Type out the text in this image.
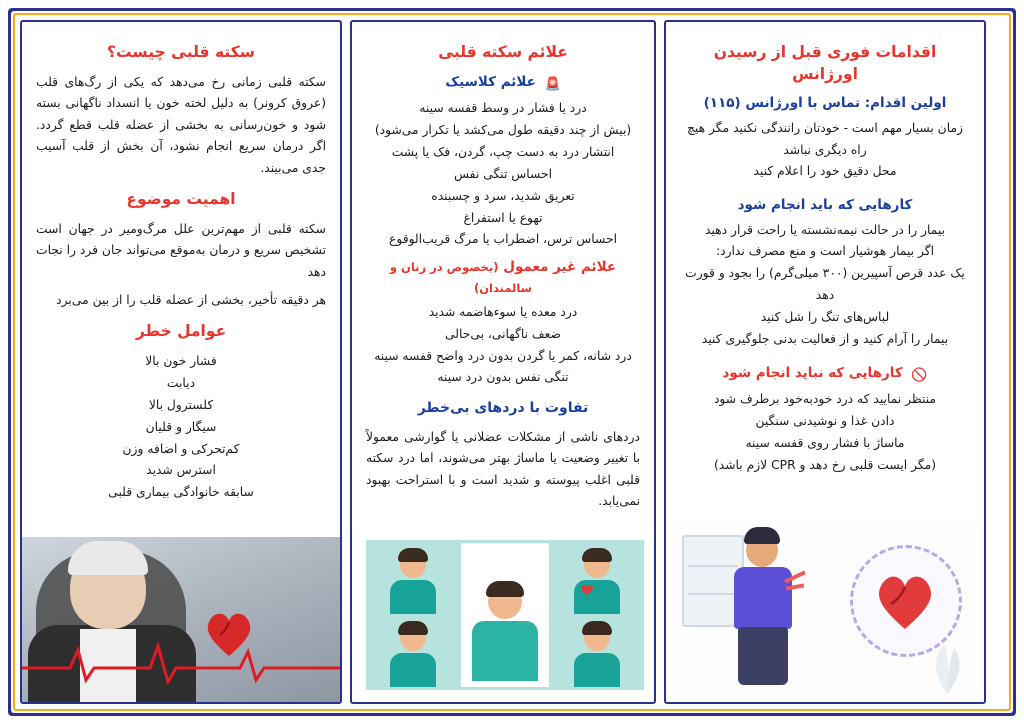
سکته قلبی چیست؟

سکته قلبی زمانی رخ می‌دهد که یکی از رگ‌های قلب (عروق کرونر) به دلیل لخته خون یا انسداد ناگهانی بسته شود و خون‌رسانی به بخشی از عضله قلب قطع گردد. اگر درمان سریع انجام نشود، آن بخش از قلب آسیب جدی می‌بیند.

اهمیت موضوع

سکته قلبی از مهم‌ترین علل مرگ‌ومیر در جهان است تشخیص سریع و درمان به‌موقع می‌تواند جان فرد را نجات دهد

هر دقیقه تأخیر، بخشی از عضله قلب را از بین می‌برد
عوامل خطر
فشار خون بالا
دیابت
کلسترول بالا
سیگار و قلیان
کم‌تحرکی و اضافه وزن
استرس شدید
سابقه خانوادگی بیماری قلبی
علائم سکته قلبی
🚨 علائم کلاسیک
درد یا فشار در وسط قفسه سینه
(بیش از چند دقیقه طول می‌کشد یا تکرار می‌شود)
انتشار درد به دست چپ، گردن، فک یا پشت
احساس تنگی نفس
تعریق شدید، سرد و چسبنده
تهوع یا استفراغ
احساس ترس، اضطراب یا مرگ قریب‌الوقوع
علائم غیر معمول (بخصوص در زنان و سالمندان)
درد معده یا سوءهاضمه شدید
ضعف ناگهانی، بی‌حالی
درد شانه، کمر یا گردن بدون درد واضح قفسه سینه
تنگی نفس بدون درد سینه
تفاوت با دردهای بی‌خطر

دردهای ناشی از مشکلات عضلانی یا گوارشی معمولاً با تغییر وضعیت یا ماساژ بهتر می‌شوند، اما درد سکته قلبی اغلب پیوسته و شدید است و با استراحت بهبود نمی‌یابد.

اقدامات فوری قبل از رسیدن اورژانس
اولین اقدام: تماس با اورژانس (۱۱۵)
زمان بسیار مهم است - خودتان رانندگی نکنید مگر هیچ راه دیگری نباشد
محل دقیق خود را اعلام کنید
کارهایی که باید انجام شود
بیمار را در حالت نیمه‌نشسته یا راحت قرار دهید
اگر بیمار هوشیار است و منع مصرف ندارد:
یک عدد قرص آسپیرین (۳۰۰ میلی‌گرم) را بجود و قورت دهد
لباس‌های تنگ را شل کنید
بیمار را آرام کنید و از فعالیت بدنی جلوگیری کنید
🚫 کارهایی که نباید انجام شود
منتظر نمایید که درد خودبه‌خود برطرف شود
دادن غذا و نوشیدنی سنگین
ماساژ با فشار روی قفسه سینه
(مگر ایست قلبی رخ دهد و CPR لازم باشد)
